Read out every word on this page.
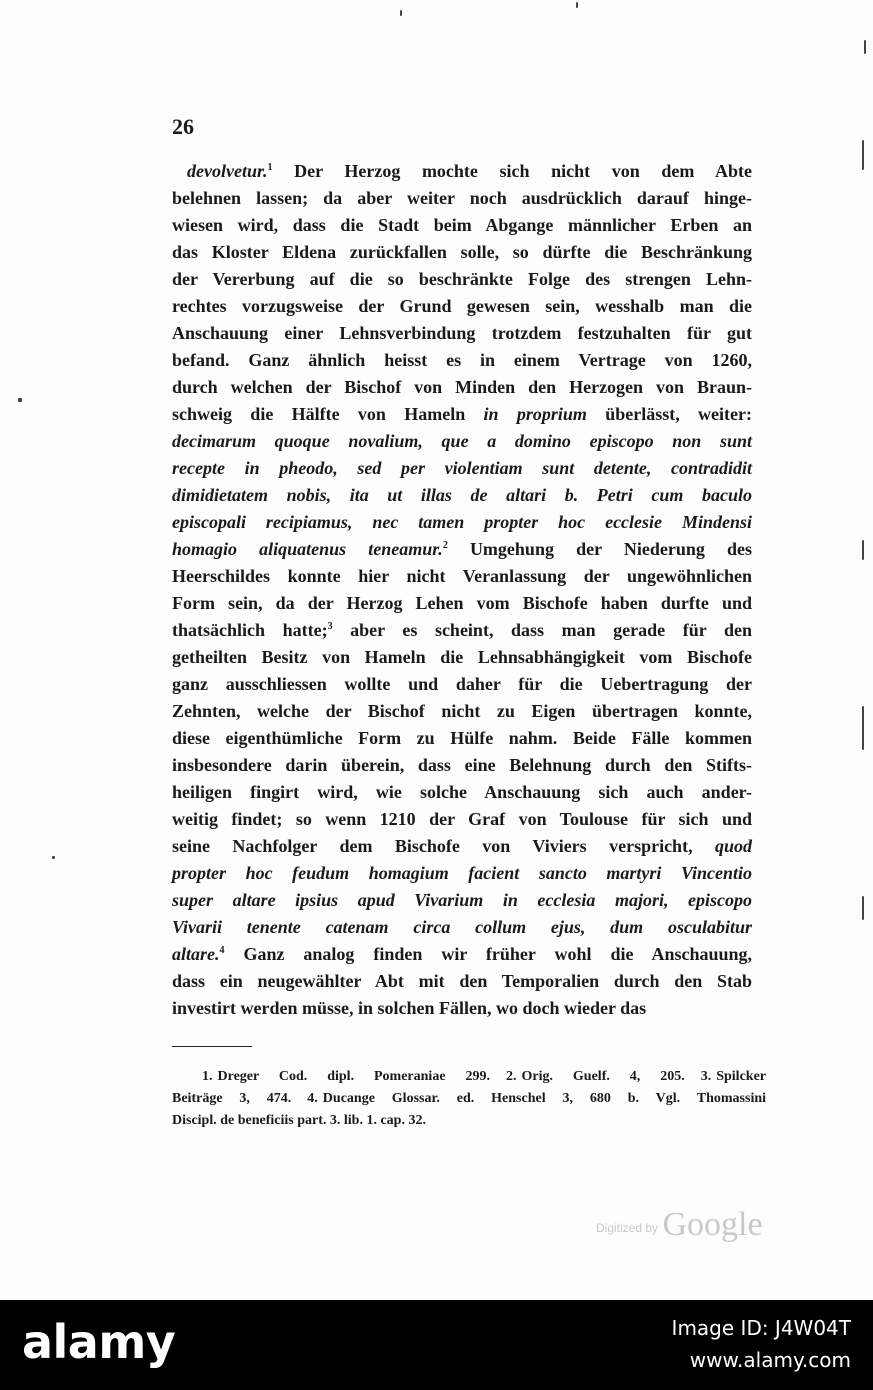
26
devolvetur.$^1$ Der Herzog mochte sich nicht von dem Abte
belehnen lassen; da aber weiter noch ausdrücklich darauf hinge-
wiesen wird, dass die Stadt beim Abgange männlicher Erben an
das Kloster Eldena zurückfallen solle, so dürfte die Beschränkung
der Vererbung auf die so beschränkte Folge des strengen Lehn-
rechtes vorzugsweise der Grund gewesen sein, wesshalb man die
Anschauung einer Lehnsverbindung trotzdem festzuhalten für gut
befand. Ganz ähnlich heisst es in einem Vertrage von 1260,
durch welchen der Bischof von Minden den Herzogen von Braun-
schweig die Hälfte von Hameln in proprium überlässt, weiter:
decimarum quoque novalium, que a domino episcopo non sunt
recepte in pheodo, sed per violentiam sunt detente, contradidit
dimidietatem nobis, ita ut illas de altari b. Petri cum baculo
episcopali recipiamus, nec tamen propter hoc ecclesie Mindensi
homagio aliquatenus teneamur.$^2$ Umgehung der Niederung des
Heerschildes konnte hier nicht Veranlassung der ungewöhnlichen
Form sein, da der Herzog Lehen vom Bischofe haben durfte und
thatsächlich hatte;$^3$ aber es scheint, dass man gerade für den
getheilten Besitz von Hameln die Lehnsabhängigkeit vom Bischofe
ganz ausschliessen wollte und daher für die Uebertragung der
Zehnten, welche der Bischof nicht zu Eigen übertragen konnte,
diese eigenthümliche Form zu Hülfe nahm. Beide Fälle kommen
insbesondere darin überein, dass eine Belehnung durch den Stifts-
heiligen fingirt wird, wie solche Anschauung sich auch ander-
weitig findet; so wenn 1210 der Graf von Toulouse für sich und
seine Nachfolger dem Bischofe von Viviers verspricht, quod
propter hoc feudum homagium facient sancto martyri Vincentio
super altare ipsius apud Vivarium in ecclesia majori, episcopo
Vivarii tenente catenam circa collum ejus, dum osculabitur
altare.$^4$ Ganz analog finden wir früher wohl die Anschauung,
dass ein neugewählter Abt mit den Temporalien durch den Stab
investirt werden müsse, in solchen Fällen, wo doch wieder das
1. Dreger Cod. dipl. Pomeraniae 299. 2. Orig. Guelf. 4, 205. 3. Spilcker
Beiträge 3, 474. 4. Ducange Glossar. ed. Henschel 3, 680 b. Vgl. Thomassini
Discipl. de beneficiis part. 3. lib. 1. cap. 32.
Digitized by Google
alamy	Image ID: J4W04T
www.alamy.com
